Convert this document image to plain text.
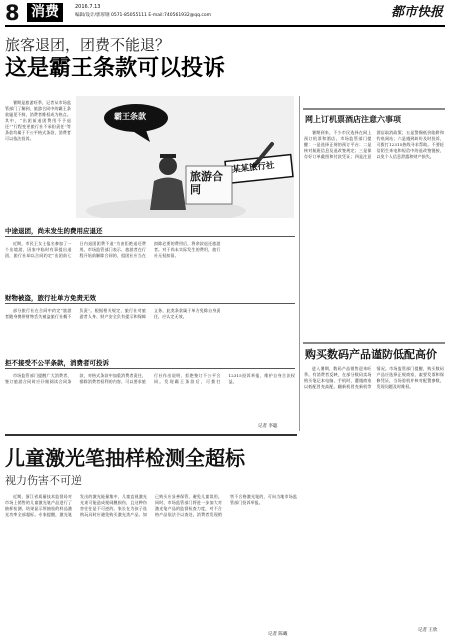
8 消费	2016.7.13
编辑/设计/郭厚钢 0571-85055111 E-mail:740561932@qq.com	都市快报
旅客退团，团费不能退？
这是霸王条款可以投诉

暑期是旅游旺季，记者从市场监管部门了解到，旅游合同中的霸王条款屡见不鲜，消费者维权成为热点。其中，“出团前退团费用不予退还”“行程变更旅行社不承担责任”等条款均属于不公平格式条款，消费者可以依法投诉。

霸王条款
旅游合同
某某旅行社
中途退团，尚未发生的费用应退还

近期，市民王女士报名参加了一个出境游，因家中临时有事提出退团，旅行社却以合同约定“出团前七日内退团团费不退”为由拒绝退还费用。市场监管部门表示，旅游者在行程开始前解除合同的，组团社应当在扣除必要的费用后，将余款退还旅游者。对于尚未实际发生的费用，旅行社无权扣留。

财物被盗，旅行社单方免责无效

部分旅行社在合同中约定“旅游者随身携带财物丢失被盗旅行社概不负责”。根据相关规定，旅行社对旅游者人身、财产安全负有提示和保障义务，此类条款属于单方免除自身责任，应认定无效。

拒不接受不公平条款，消费者可投诉

市场监管部门提醒广大消费者，签订旅游合同时应仔细阅读合同条款，对格式条款中加重消费者责任、排除消费者权利的内容，可以要求旅行社作出说明，拒绝签订不公平合同。发现霸王条款后，可拨打12315投诉举报，维护自身合法权益。

记者 李聪
网上订机票酒店注意六事项

暑期到来，不少市民选择在网上预订机票和酒店。市场监管部门提醒：一是选择正规的预订平台；二是核对航班信息及退改签规定；三是保存好订单截图和付款凭证；四是注意酒店取消政策；五是警惕低价陷阱和钓鱼网站；六是遇到纠纷及时投诉，可拨打12315热线寻求帮助。不要轻信陌生来电和短信中的退改签链接，以免个人信息泄露和财产损失。

购买数码产品谨防低配高价

进入暑期，数码产品销售迎来旺季。有消费者反映，在部分数码卖场购买笔记本电脑、手机时，遭遇商家以低配冒充高配、翻新机冒充新机等情况。市场监管部门提醒，购买数码产品应选择正规商家，索要发票和保修凭证，当场验机并核对配置参数，发现问题及时维权。

记者 王欣
儿童激光笔抽样检测全超标
视力伤害不可逆

近期，浙江省质量技术监督局对市场上销售的儿童激光笔产品进行了抽样检测，结果显示所抽检的样品激光功率全部超标。专家提醒，激光笔发出的激光能量集中，儿童直视激光光束可能造成视网膜损伤，且这种伤害往往是不可逆的。家长在为孩子选购玩具时应避免购买激光类产品，如已购买应妥善保管，避免儿童误用。同时，市场监管部门将进一步加大对激光笔产品的监督检查力度，对不合格产品依法予以查处。消费者发现销售不合格激光笔的，可向当地市场监管部门投诉举报。

记者 陈曦
